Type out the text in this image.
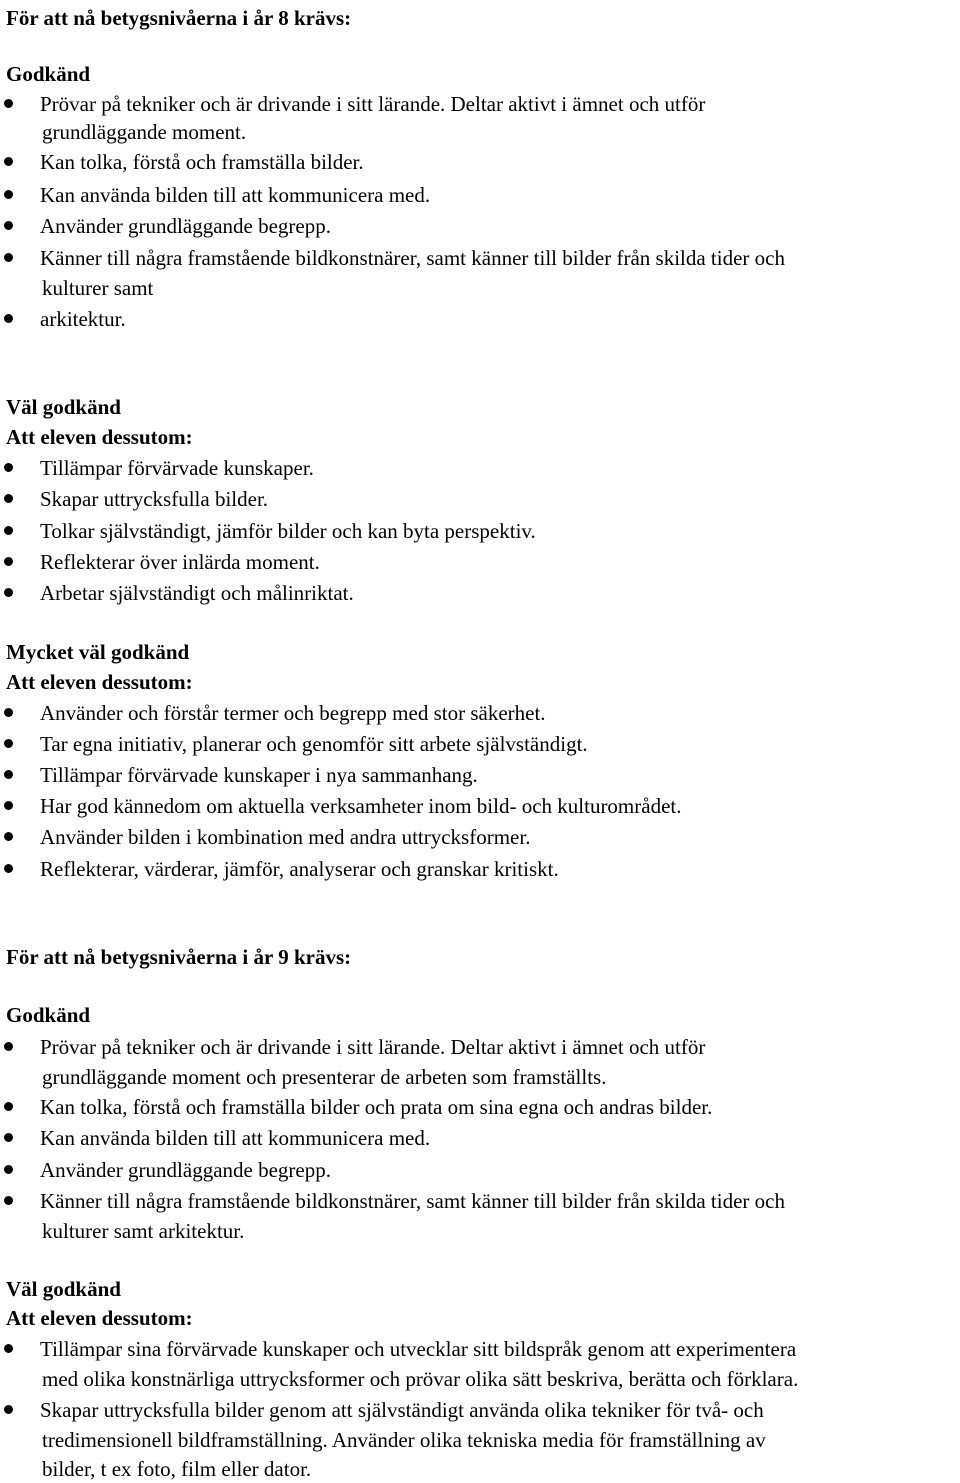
För att nå betygsnivåerna i år 8 krävs:
Godkänd
Prövar på tekniker och är drivande i sitt lärande. Deltar aktivt i ämnet och utför
grundläggande moment.
Kan tolka, förstå och framställa bilder.
Kan använda bilden till att kommunicera med.
Använder grundläggande begrepp.
Känner till några framstående bildkonstnärer, samt känner till bilder från skilda tider och
kulturer samt
arkitektur.
Väl godkänd
Att eleven dessutom:
Tillämpar förvärvade kunskaper.
Skapar uttrycksfulla bilder.
Tolkar självständigt, jämför bilder och kan byta perspektiv.
Reflekterar över inlärda moment.
Arbetar självständigt och målinriktat.
Mycket väl godkänd
Att eleven dessutom:
Använder och förstår termer och begrepp med stor säkerhet.
Tar egna initiativ, planerar och genomför sitt arbete självständigt.
Tillämpar förvärvade kunskaper i nya sammanhang.
Har god kännedom om aktuella verksamheter inom bild- och kulturområdet.
Använder bilden i kombination med andra uttrycksformer.
Reflekterar, värderar, jämför, analyserar och granskar kritiskt.
För att nå betygsnivåerna i år 9 krävs:
Godkänd
Prövar på tekniker och är drivande i sitt lärande. Deltar aktivt i ämnet och utför
grundläggande moment och presenterar de arbeten som framställts.
Kan tolka, förstå och framställa bilder och prata om sina egna och andras bilder.
Kan använda bilden till att kommunicera med.
Använder grundläggande begrepp.
Känner till några framstående bildkonstnärer, samt känner till bilder från skilda tider och
kulturer samt arkitektur.
Väl godkänd
Att eleven dessutom:
Tillämpar sina förvärvade kunskaper och utvecklar sitt bildspråk genom att experimentera
med olika konstnärliga uttrycksformer och prövar olika sätt beskriva, berätta och förklara.
Skapar uttrycksfulla bilder genom att självständigt använda olika tekniker för två- och
tredimensionell bildframställning. Använder olika tekniska media för framställning av
bilder, t ex foto, film eller dator.
